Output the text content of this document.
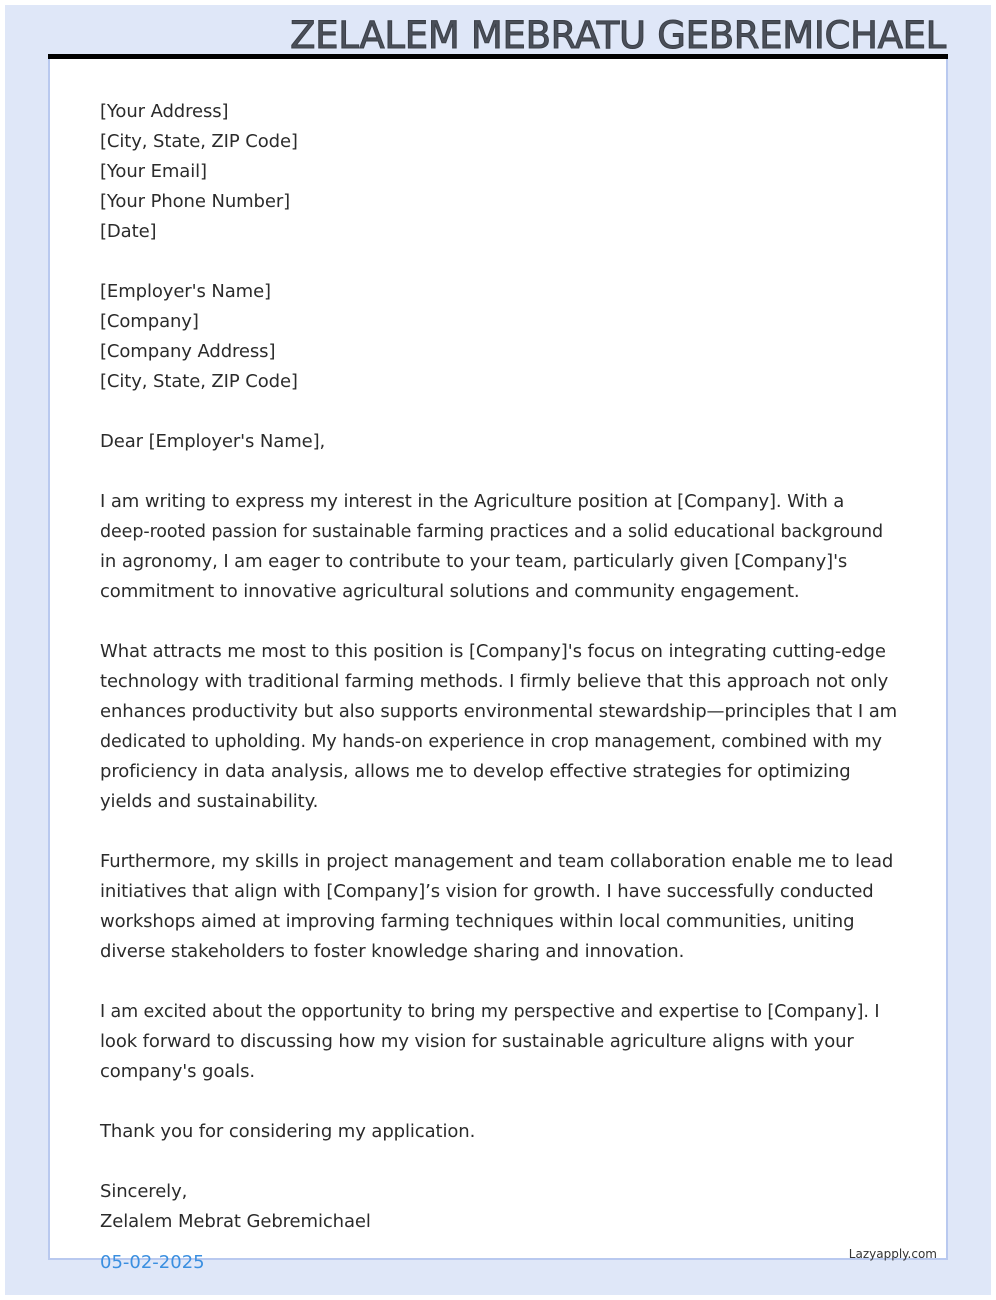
ZELALEM MEBRATU GEBREMICHAEL
[Your Address]
[City, State, ZIP Code]
[Your Email]
[Your Phone Number]
[Date]
[Employer's Name]
[Company]
[Company Address]
[City, State, ZIP Code]
Dear [Employer's Name],
I am writing to express my interest in the Agriculture position at [Company]. With a
deep-rooted passion for sustainable farming practices and a solid educational background
in agronomy, I am eager to contribute to your team, particularly given [Company]'s
commitment to innovative agricultural solutions and community engagement.
What attracts me most to this position is [Company]'s focus on integrating cutting-edge
technology with traditional farming methods. I firmly believe that this approach not only
enhances productivity but also supports environmental stewardship—principles that I am
dedicated to upholding. My hands-on experience in crop management, combined with my
proficiency in data analysis, allows me to develop effective strategies for optimizing
yields and sustainability.
Furthermore, my skills in project management and team collaboration enable me to lead
initiatives that align with [Company]’s vision for growth. I have successfully conducted
workshops aimed at improving farming techniques within local communities, uniting
diverse stakeholders to foster knowledge sharing and innovation.
I am excited about the opportunity to bring my perspective and expertise to [Company]. I
look forward to discussing how my vision for sustainable agriculture aligns with your
company's goals.
Thank you for considering my application.
Sincerely,
Zelalem Mebrat Gebremichael
05-02-2025	Lazyapply.com
